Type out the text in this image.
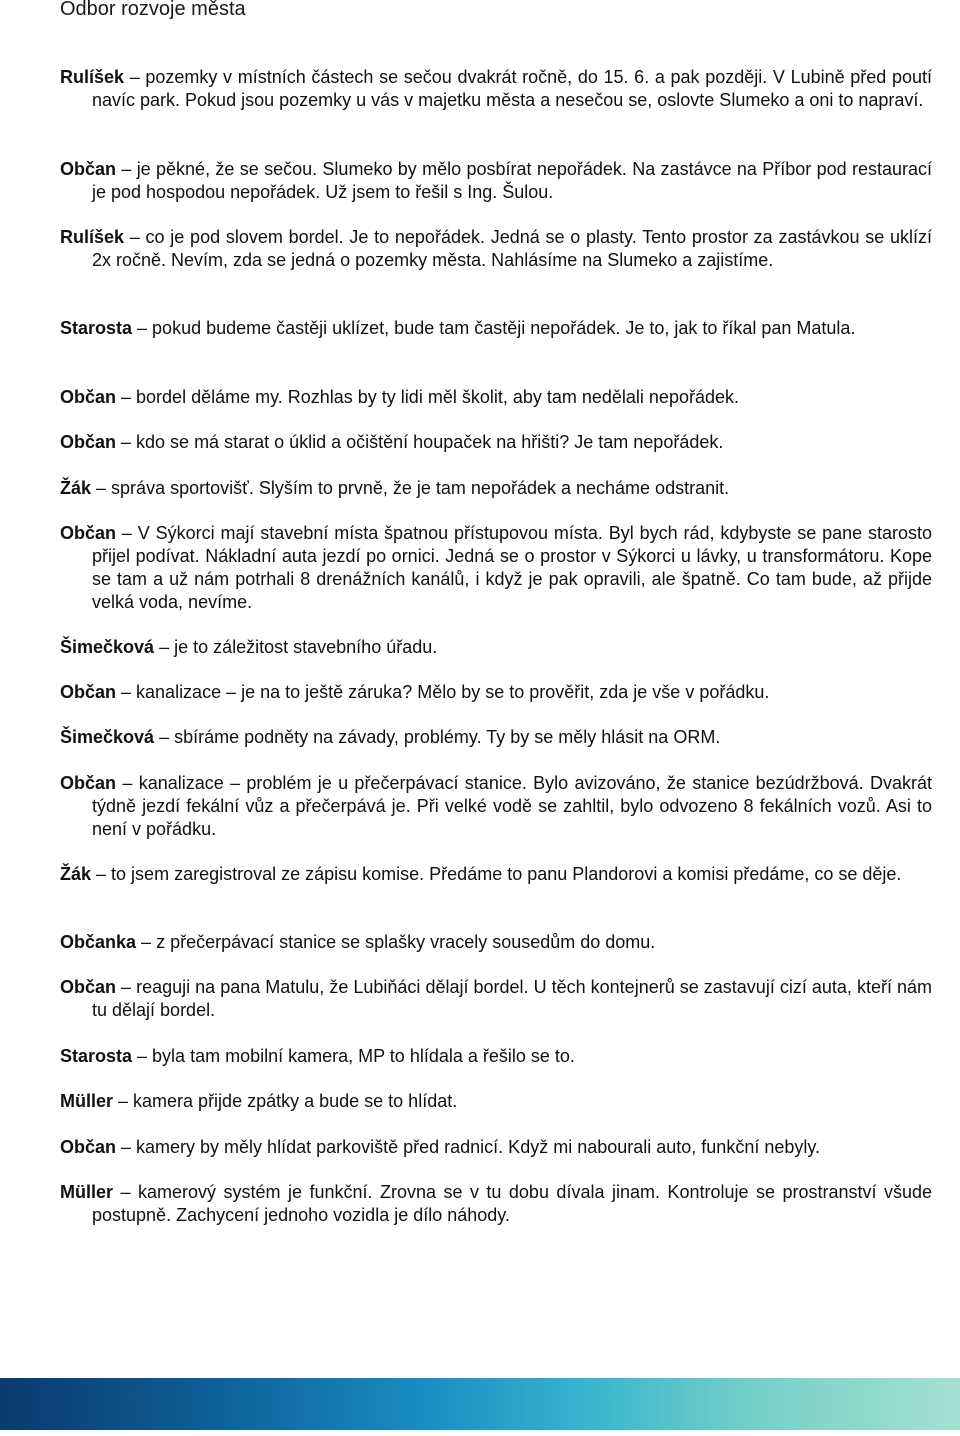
Odbor rozvoje města
Rulíšek – pozemky v místních částech se sečou dvakrát ročně, do 15. 6. a pak později. V Lubině před poutí navíc park. Pokud jsou pozemky u vás v majetku města a nesečou se, oslovte Slumeko a oni to napraví.
Občan – je pěkné, že se sečou. Slumeko by mělo posbírat nepořádek. Na zastávce na Příbor pod restaurací je pod hospodou nepořádek. Už jsem to řešil s Ing. Šulou.
Rulíšek – co je pod slovem bordel. Je to nepořádek. Jedná se o plasty. Tento prostor za zastávkou se uklízí 2x ročně. Nevím, zda se jedná o pozemky města. Nahlásíme na Slumeko a zajistíme.
Starosta – pokud budeme častěji uklízet, bude tam častěji nepořádek. Je to, jak to říkal pan Matula.
Občan – bordel děláme my. Rozhlas by ty lidi měl školit, aby tam nedělali nepořádek.
Občan – kdo se má starat o úklid a očištění houpaček na hřišti? Je tam nepořádek.
Žák – správa sportovišť. Slyším to prvně, že je tam nepořádek a necháme odstranit.
Občan – V Sýkorci mají stavební místa špatnou přístupovou místa. Byl bych rád, kdybyste se pane starosto přijel podívat. Nákladní auta jezdí po ornici. Jedná se o prostor v Sýkorci u lávky, u transformátoru. Kope se tam a už nám potrhali 8 drenážních kanálů, i když je pak opravili, ale špatně. Co tam bude, až přijde velká voda, nevíme.
Šimečková – je to záležitost stavebního úřadu.
Občan – kanalizace – je na to ještě záruka? Mělo by se to prověřit, zda je vše v pořádku.
Šimečková – sbíráme podněty na závady, problémy. Ty by se měly hlásit na ORM.
Občan – kanalizace – problém je u přečerpávací stanice. Bylo avizováno, že stanice bezúdržbová. Dvakrát týdně jezdí fekální vůz a přečerpává je. Při velké vodě se zahltil, bylo odvozeno 8 fekálních vozů. Asi to není v pořádku.
Žák – to jsem zaregistroval ze zápisu komise. Předáme to panu Plandorovi a komisi předáme, co se děje.
Občanka – z přečerpávací stanice se splašky vracely sousedům do domu.
Občan – reaguji na pana Matulu, že Lubiňáci dělají bordel. U těch kontejnerů se zastavují cizí auta, kteří nám tu dělají bordel.
Starosta – byla tam mobilní kamera, MP to hlídala a řešilo se to.
Müller – kamera přijde zpátky a bude se to hlídat.
Občan – kamery by měly hlídat parkoviště před radnicí. Když mi nabourali auto, funkční nebyly.
Müller – kamerový systém je funkční. Zrovna se v tu dobu dívala jinam. Kontroluje se prostranství všude postupně. Zachycení jednoho vozidla je dílo náhody.
